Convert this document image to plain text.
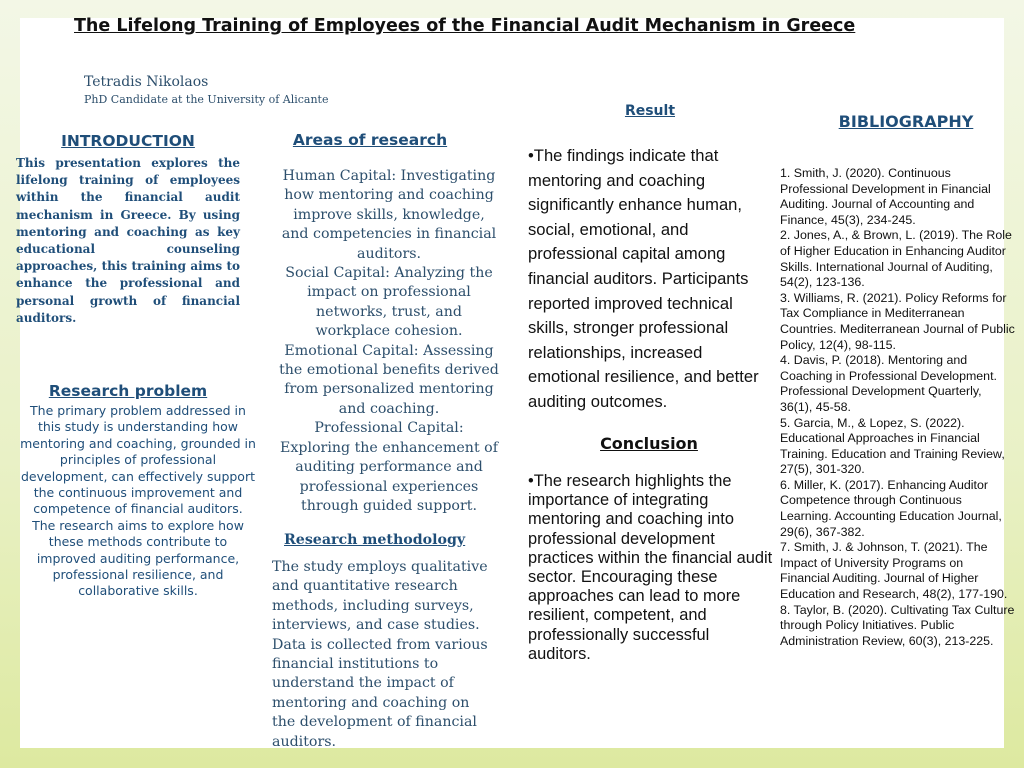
The Lifelong Training of Employees of the Financial Audit Mechanism in Greece
Tetradis Nikolaos
PhD Candidate at the University of Alicante
INTRODUCTION
This presentation explores the lifelong training of employees within the financial audit mechanism in Greece. By using mentoring and coaching as key educational counseling approaches, this training aims to enhance the professional and personal growth of financial auditors.
Research problem
The primary problem addressed in this study is understanding how mentoring and coaching, grounded in principles of professional development, can effectively support the continuous improvement and competence of financial auditors. The research aims to explore how these methods contribute to improved auditing performance, professional resilience, and collaborative skills.
Areas of research
Human Capital: Investigating how mentoring and coaching improve skills, knowledge, and competencies in financial auditors.
Social Capital: Analyzing the impact on professional networks, trust, and workplace cohesion.
Emotional Capital: Assessing the emotional benefits derived from personalized mentoring and coaching.
Professional Capital: Exploring the enhancement of auditing performance and professional experiences through guided support.
Research methodology
The study employs qualitative and quantitative research methods, including surveys, interviews, and case studies. Data is collected from various financial institutions to understand the impact of mentoring and coaching on the development of financial auditors.
Result
•The findings indicate that mentoring and coaching significantly enhance human, social, emotional, and professional capital among financial auditors. Participants reported improved technical skills, stronger professional relationships, increased emotional resilience, and better auditing outcomes.
Conclusion
•The research highlights the importance of integrating mentoring and coaching into professional development practices within the financial audit sector. Encouraging these approaches can lead to more resilient, competent, and professionally successful auditors.
BIBLIOGRAPHY
1. Smith, J. (2020). Continuous Professional Development in Financial Auditing. Journal of Accounting and Finance, 45(3), 234-245.
2. Jones, A., & Brown, L. (2019). The Role of Higher Education in Enhancing Auditor Skills. International Journal of Auditing, 54(2), 123-136.
3. Williams, R. (2021). Policy Reforms for Tax Compliance in Mediterranean Countries. Mediterranean Journal of Public Policy, 12(4), 98-115.
4. Davis, P. (2018). Mentoring and Coaching in Professional Development. Professional Development Quarterly, 36(1), 45-58.
5. Garcia, M., & Lopez, S. (2022). Educational Approaches in Financial Training. Education and Training Review, 27(5), 301-320.
6. Miller, K. (2017). Enhancing Auditor Competence through Continuous Learning. Accounting Education Journal, 29(6), 367-382.
7. Smith, J. & Johnson, T. (2021). The Impact of University Programs on Financial Auditing. Journal of Higher Education and Research, 48(2), 177-190.
8. Taylor, B. (2020). Cultivating Tax Culture through Policy Initiatives. Public Administration Review, 60(3), 213-225.
